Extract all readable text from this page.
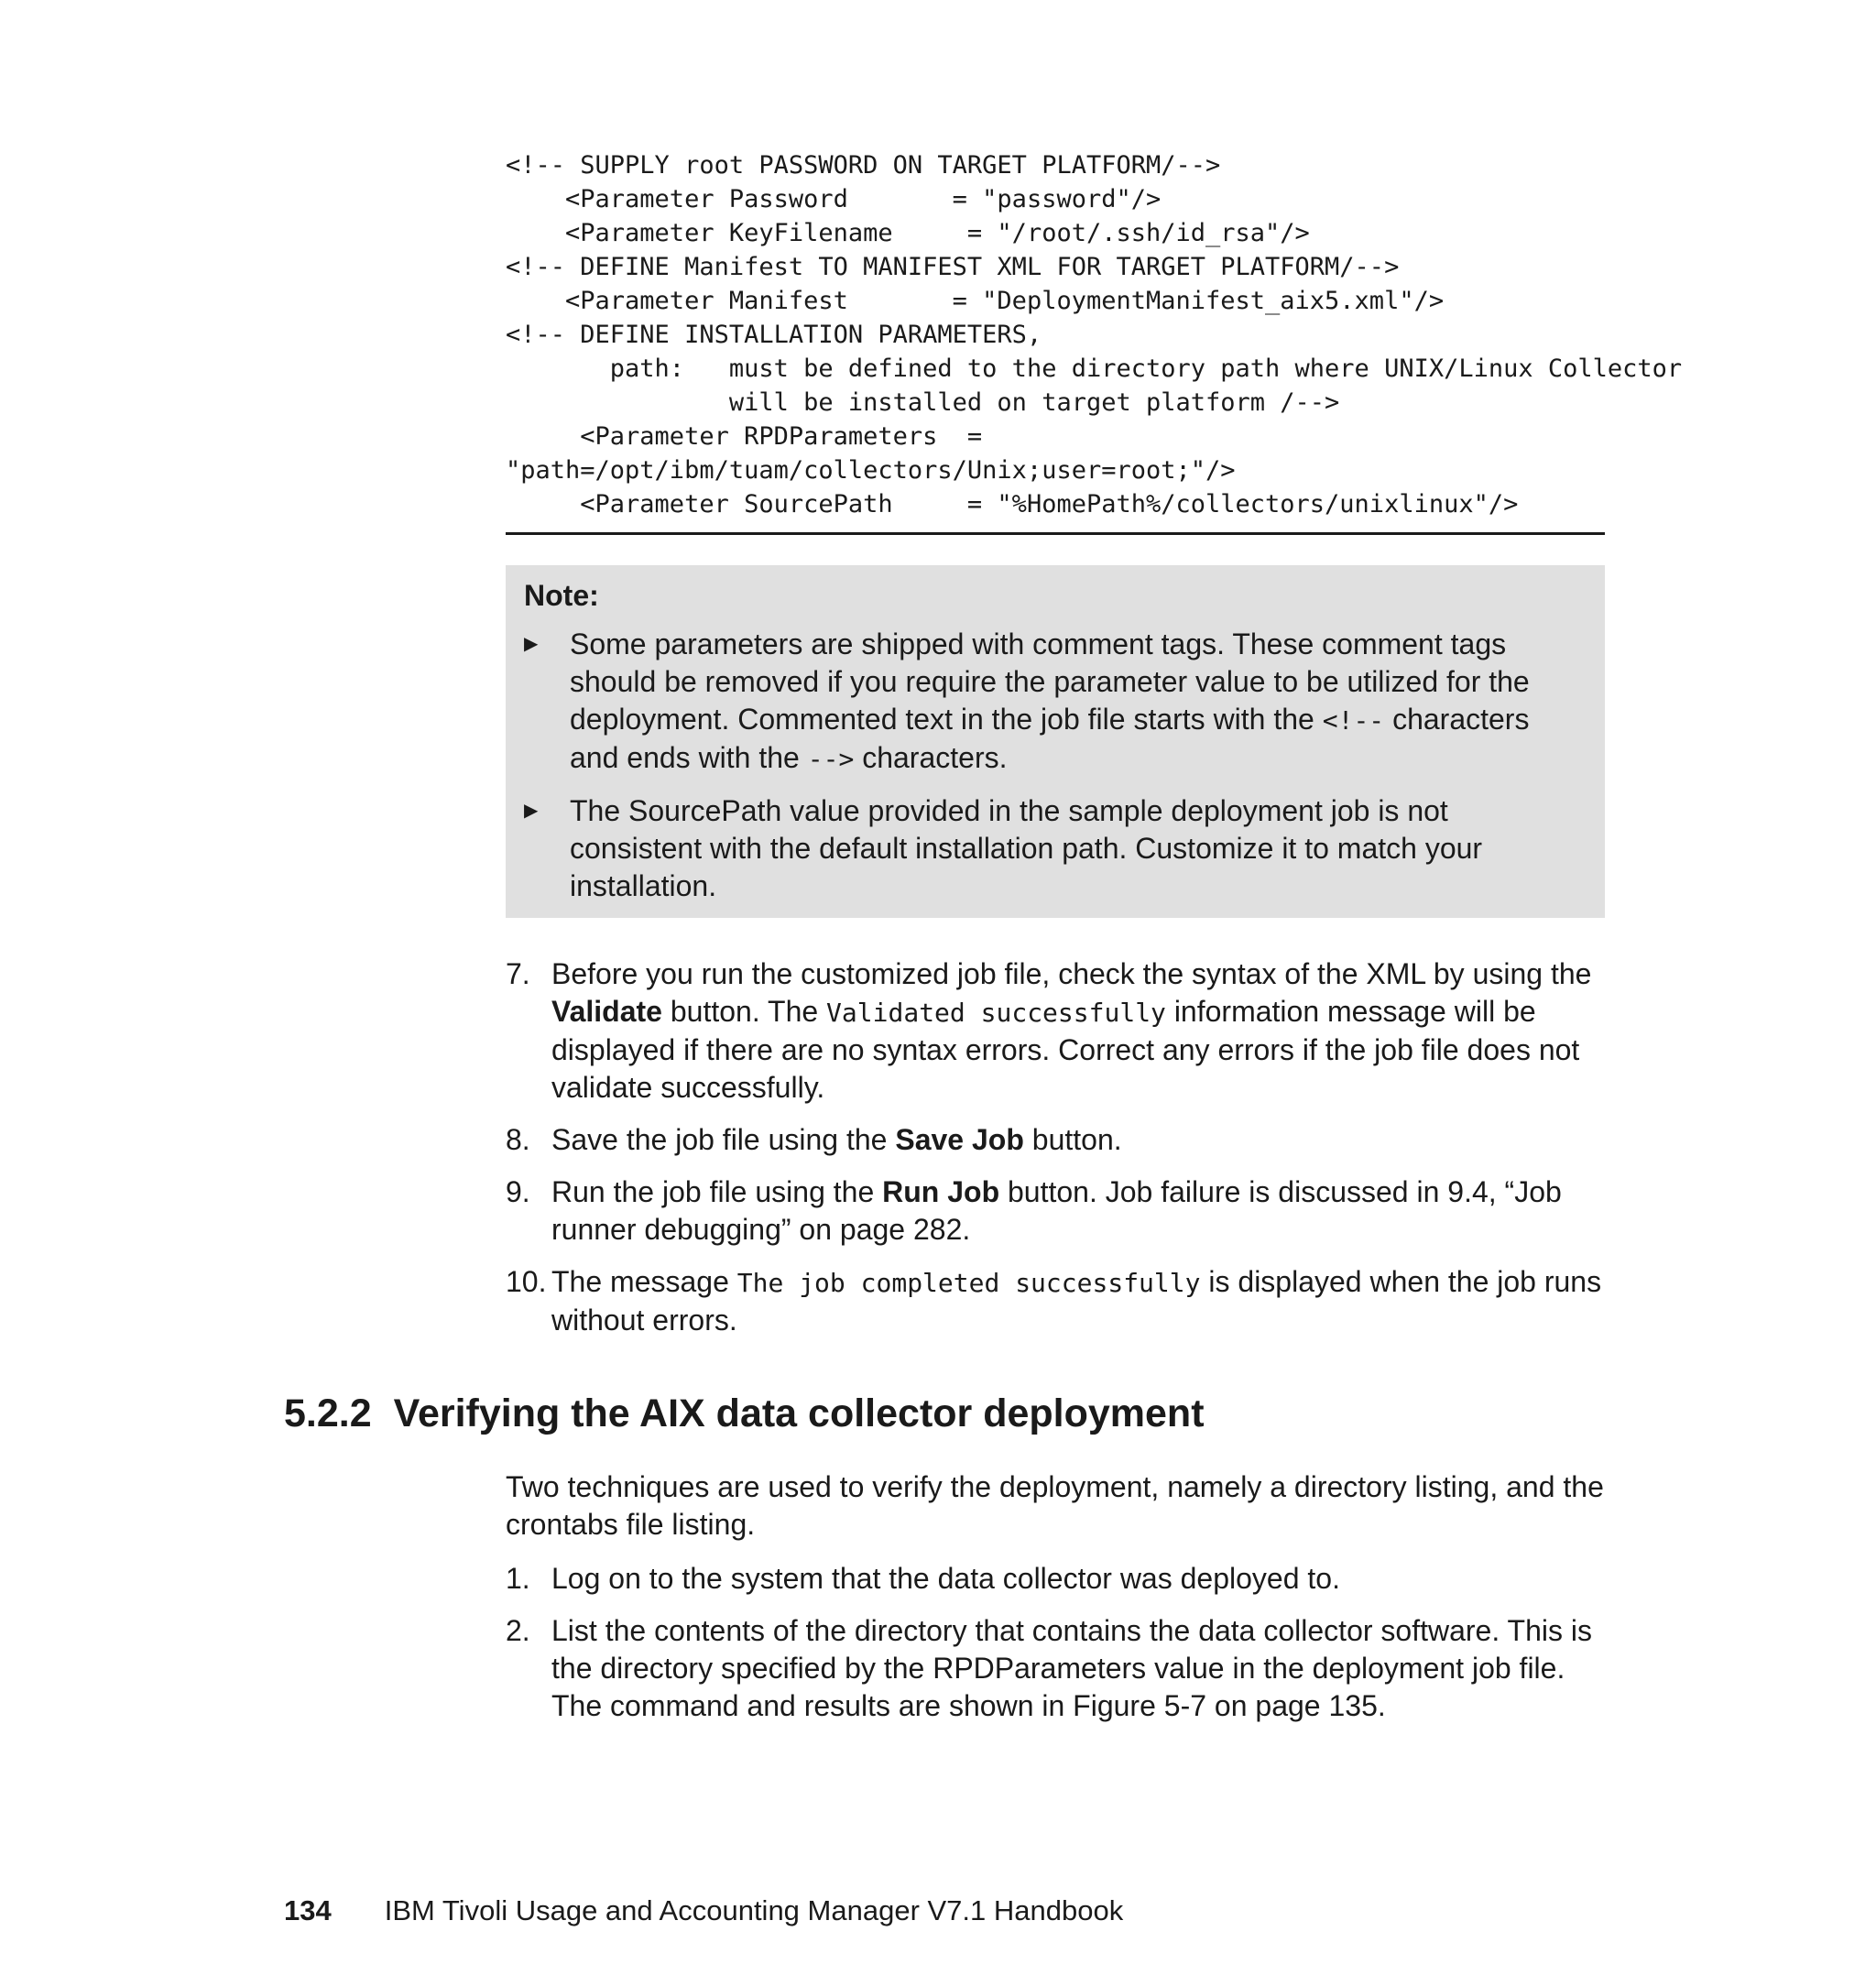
<!-- SUPPLY root PASSWORD ON TARGET PLATFORM/-->
<Parameter Password       = "password"/>
<Parameter KeyFilename     = "/root/.ssh/id_rsa"/>
<!-- DEFINE Manifest TO MANIFEST XML FOR TARGET PLATFORM/-->
<Parameter Manifest       = "DeploymentManifest_aix5.xml"/>
<!-- DEFINE INSTALLATION PARAMETERS,
path:   must be defined to the directory path where UNIX/Linux Collector
will be installed on target platform /-->
<Parameter RPDParameters  =
"path=/opt/ibm/tuam/collectors/Unix;user=root;"/>
<Parameter SourcePath     = "%HomePath%/collectors/unixlinux"/>
Note:
▶ Some parameters are shipped with comment tags. These comment tags should be removed if you require the parameter value to be utilized for the deployment. Commented text in the job file starts with the <!-- characters and ends with the --> characters.
▶ The SourcePath value provided in the sample deployment job is not consistent with the default installation path. Customize it to match your installation.
7. Before you run the customized job file, check the syntax of the XML by using the Validate button. The Validated successfully information message will be displayed if there are no syntax errors. Correct any errors if the job file does not validate successfully.
8. Save the job file using the Save Job button.
9. Run the job file using the Run Job button. Job failure is discussed in 9.4, “Job runner debugging” on page 282.
10. The message The job completed successfully is displayed when the job runs without errors.
5.2.2 Verifying the AIX data collector deployment

Two techniques are used to verify the deployment, namely a directory listing, and the crontabs file listing.

1. Log on to the system that the data collector was deployed to.
2. List the contents of the directory that contains the data collector software. This is the directory specified by the RPDParameters value in the deployment job file. The command and results are shown in Figure 5-7 on page 135.
134 IBM Tivoli Usage and Accounting Manager V7.1 Handbook
